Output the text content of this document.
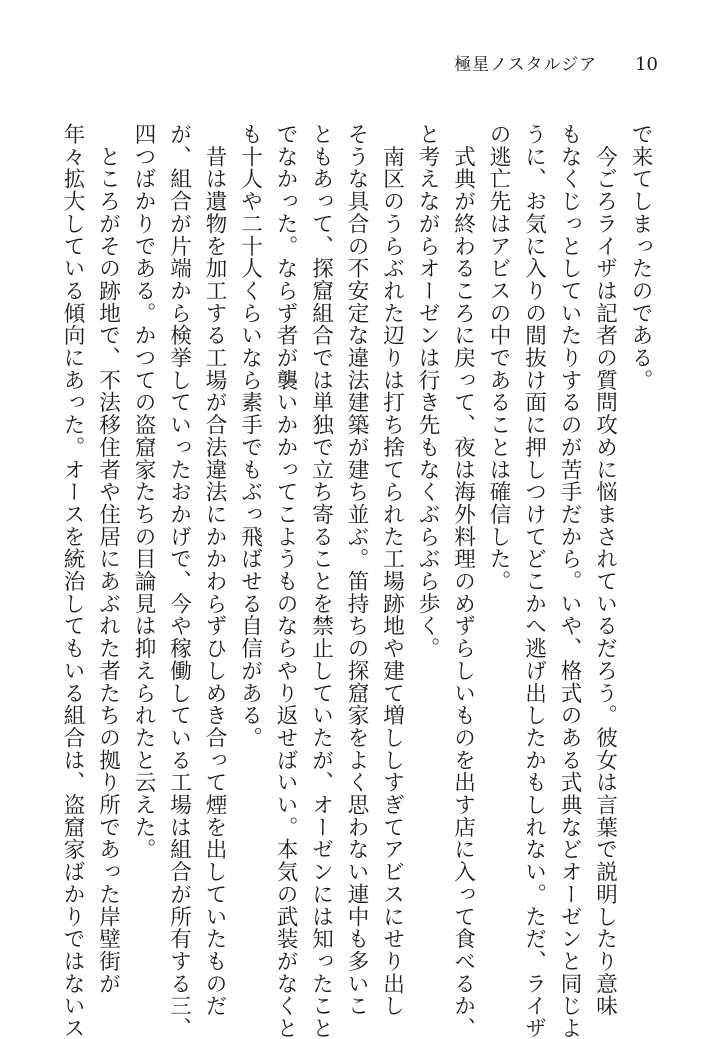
極星ノスタルジア 10
で来てしまったのである。
　今ごろライザは記者の質問攻めに悩まされているだろう。彼女は言葉で説明したり意味
もなくじっとしていたりするのが苦手だから。いや、格式のある式典などオーゼンと同じよ
うに、お気に入りの間抜け面に押しつけてどこかへ逃げ出したかもしれない。ただ、ライザ
の逃亡先はアビスの中であることは確信した。
　式典が終わるころに戻って、夜は海外料理のめずらしいものを出す店に入って食べるか、
と考えながらオーゼンは行き先もなくぶらぶら歩く。
　南区のうらぶれた辺りは打ち捨てられた工場跡地や建て増ししすぎてアビスにせり出し
そうな具合の不安定な違法建築が建ち並ぶ。笛持ちの探窟家をよく思わない連中も多いこ
ともあって、探窟組合では単独で立ち寄ることを禁止していたが、オーゼンには知ったこと
でなかった。ならず者が襲いかかってこようものならやり返せばいい。本気の武装がなくと
も十人や二十人くらいなら素手でもぶっ飛ばせる自信がある。
　昔は遺物を加工する工場が合法違法にかかわらずひしめき合って煙を出していたものだ
が、組合が片端から検挙していったおかげで、今や稼働している工場は組合が所有する三、
四つばかりである。かつての盗窟家たちの目論見は抑えられたと云えた。
　ところがその跡地で、不法移住者や住居にあぶれた者たちの拠り所であった岸壁街が
年々拡大している傾向にあった。オースを統治してもいる組合は、盗窟家ばかりではないス
